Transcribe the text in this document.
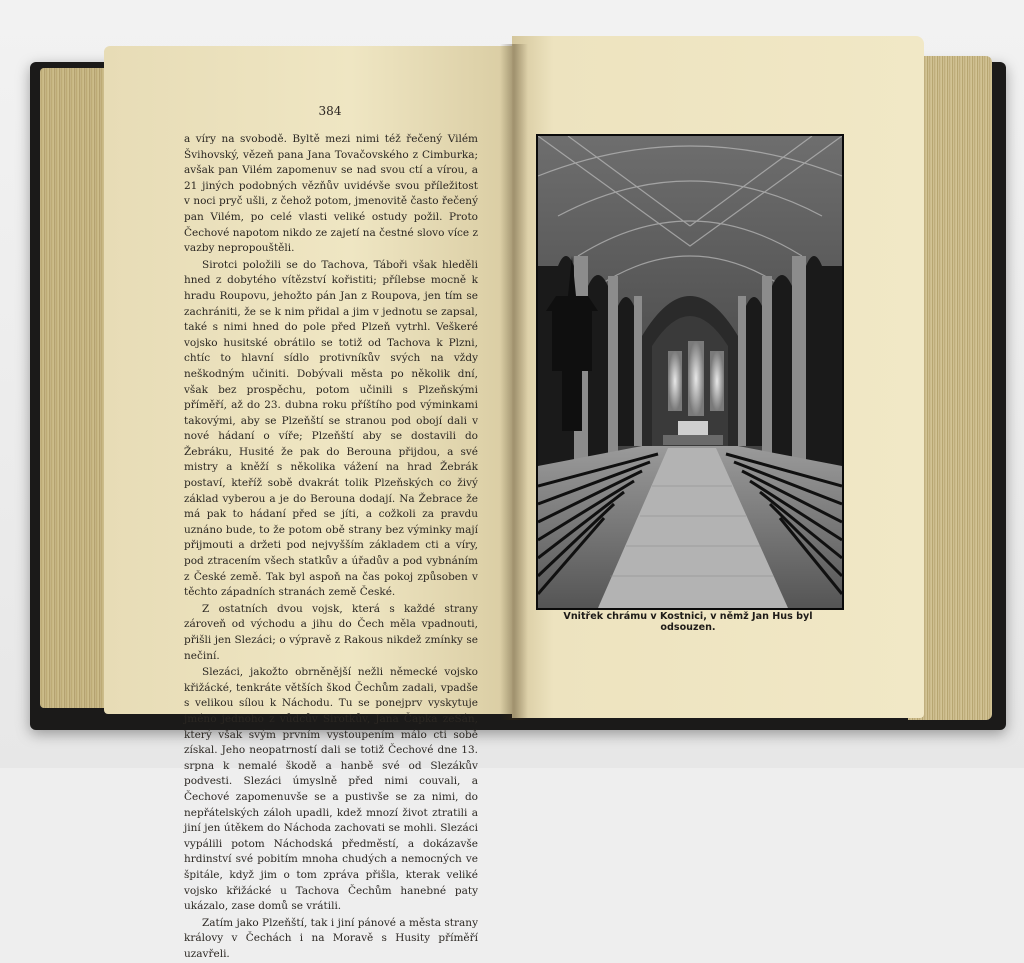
384

a víry na svobodě. Byltě mezi nimi též řečený Vilém Švihovský, vězeň pana Jana Tovačovského z Cimburka; avšak pan Vilém zapomenuv se nad svou ctí a vírou, a 21 jiných podobných vězňův uvidévše svou příležitost v noci pryč ušli, z čehož potom, jmenovitě často řečený pan Vilém, po celé vlasti veliké ostudy požil. Proto Čechové napotom nikdo ze zajetí na čestné slovo více z vazby nepropouštěli.

Sirotci položili se do Tachova, Táboři však hleděli hned z dobytého vítězství kořistiti; přílebse mocně k hradu Roupovu, jehožto pán Jan z Roupova, jen tím se zachrániti, že se k nim přidal a jim v jednotu se zapsal, také s nimi hned do pole před Plzeň vytrhl. Veškeré vojsko husitské obrátilo se totiž od Tachova k Plzni, chtíc to hlavní sídlo protivníkův svých na vždy neškodným učiniti. Dobývali města po několik dní, však bez prospěchu, potom učinili s Plzeňskými příměří, až do 23. dubna roku příštího pod výminkami takovými, aby se Plzeňští se stranou pod obojí dali v nové hádaní o víře; Plzeňští aby se dostavili do Žebráku, Husité že pak do Berouna přijdou, a své mistry a kněží s několika vážení na hrad Žebrák postaví, kteříž sobě dvakrát tolik Plzeňských co živý základ vyberou a je do Berouna dodají. Na Žebrace že má pak to hádaní před se jíti, a cožkoli za pravdu uznáno bude, to že potom obě strany bez výminky mají přijmouti a držeti pod nejvyšším základem cti a víry, pod ztracením všech statkův a úřadův a pod vybnáním z České země. Tak byl aspoň na čas pokoj způsoben v těchto západních stranách země České.

Z ostatních dvou vojsk, která s každé strany zároveň od východu a jihu do Čech měla vpadnouti, přišli jen Slezáci; o výpravě z Rakous nikdež zmínky se nečiní.

Slezáci, jakožto obrněnější nežli německé vojsko křižácké, tenkráte větších škod Čechům zadali, vpadše s velikou sílou k Náchodu. Tu se ponejprv vyskytuje jméno jednoho z vůdcův Sirotkův, Jana Čapka zeSán, který však svým prvním vystoupením málo cti sobě získal. Jeho neopatrností dali se totiž Čechové dne 13. srpna k nemalé škodě a hanbě své od Slezákův podvesti. Slezáci úmyslně před nimi couvali, a Čechové zapomenuvše se a pustivše se za nimi, do nepřátelských záloh upadli, kdež mnozí život ztratili a jiní jen útěkem do Náchoda zachovati se mohli. Slezáci vypálili potom Náchodská předměstí, a dokázavše hrdinství své pobitím mnoha chudých a nemocných ve špitále, když jim o tom zpráva přišla, kterak veliké vojsko křižácké u Tachova Čechům hanebné paty ukázalo, zase domů se vrátili.

Zatím jako Plzeňští, tak i jiní pánové a města strany královy v Čechách i na Moravě s Husity příměří uzavřeli.

Vnitřek chrámu v Kostnici, v němž Jan Hus byl odsouzen.
